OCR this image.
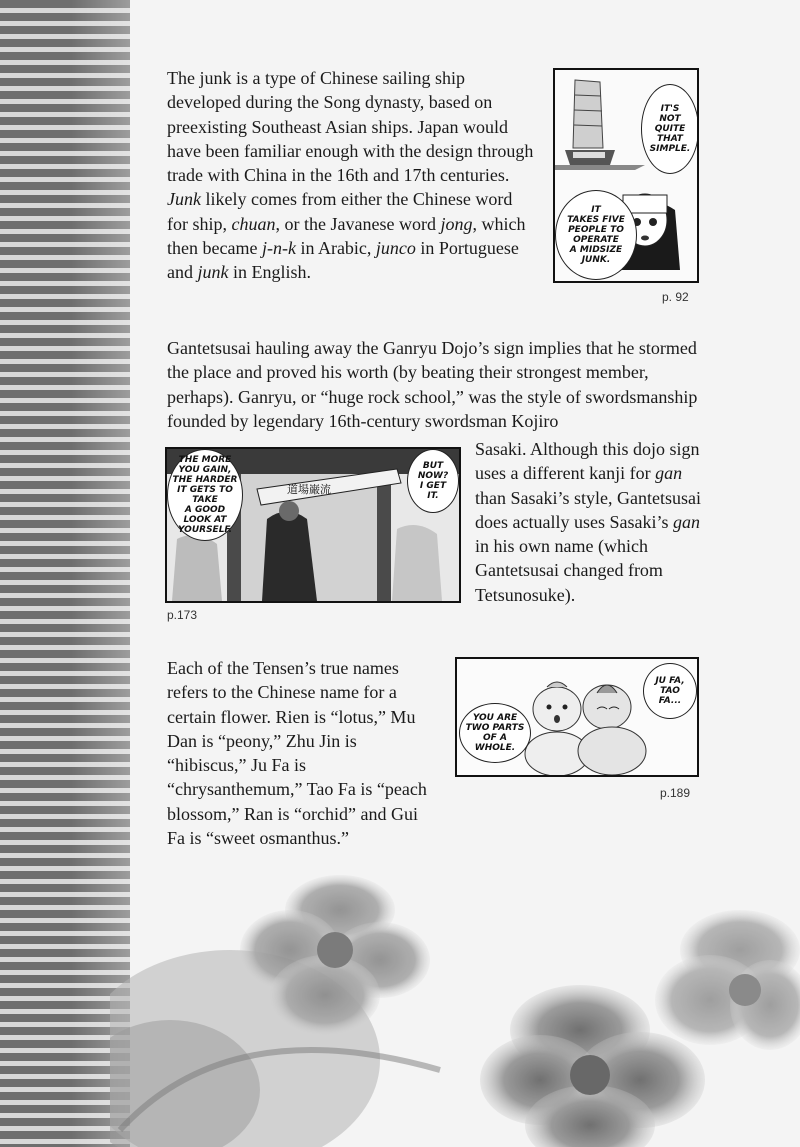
The junk is a type of Chinese sailing ship developed during the Song dynasty, based on preexisting Southeast Asian ships. Japan would have been familiar enough with the design through trade with China in the 16th and 17th centuries. Junk likely comes from either the Chinese word for ship, chuan, or the Javanese word jong, which then became j-n-k in Arabic, junco in Portuguese and junk in English.

IT'S
NOT
QUITE
THAT
SIMPLE.
IT
TAKES FIVE
PEOPLE TO
OPERATE
A MIDSIZE
JUNK.
p. 92

Gantetsusai hauling away the Ganryu Dojo’s sign implies that he stormed the place and proved his worth (by beating their strongest member, perhaps). Ganryu, or “huge rock school,” was the style of swordsmanship founded by legendary 16th-century swordsman Kojiro

Sasaki. Although this dojo sign uses a different kanji for gan than Sasaki’s style, Gantetsusai does actually uses Sasaki’s gan in his own name (which Gantetsusai changed from Tetsunosuke).

道場巌流
THE MORE
YOU GAIN,
THE HARDER
IT GETS TO
TAKE
A GOOD
LOOK AT
YOURSELF.
BUT
NOW?
I GET
IT.
p.173

Each of the Tensen’s true names refers to the Chinese name for a certain flower. Rien is “lotus,” Mu Dan is “peony,” Zhu Jin is “hibiscus,” Ju Fa is “chrysanthemum,” Tao Fa is “peach blossom,” Ran is “orchid” and Gui Fa is “sweet osmanthus.”

YOU ARE
TWO PARTS
OF A
WHOLE.
JU FA,
TAO FA...
p.189
